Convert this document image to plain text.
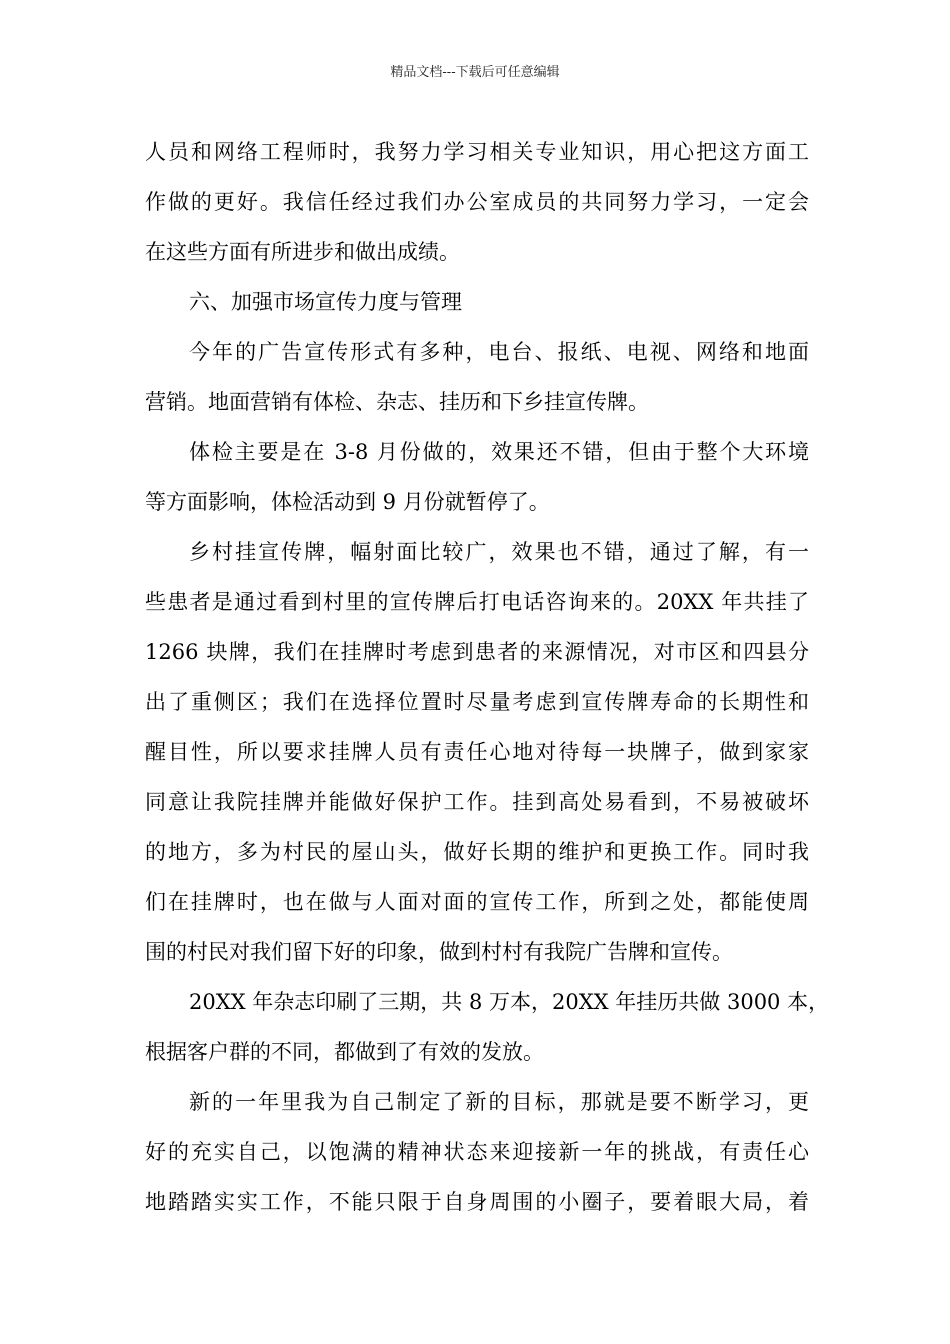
精品文档---下载后可任意编辑
人员和网络工程师时，我努力学习相关专业知识，用心把这方面工
作做的更好。我信任经过我们办公室成员的共同努力学习，一定会
在这些方面有所进步和做出成绩。
六、加强市场宣传力度与管理
今年的广告宣传形式有多种，电台、报纸、电视、网络和地面
营销。地面营销有体检、杂志、挂历和下乡挂宣传牌。
体检主要是在 3-8 月份做的，效果还不错，但由于整个大环境
等方面影响，体检活动到 9 月份就暂停了。
乡村挂宣传牌，幅射面比较广，效果也不错，通过了解，有一
些患者是通过看到村里的宣传牌后打电话咨询来的。20XX 年共挂了
1266 块牌，我们在挂牌时考虑到患者的来源情况，对市区和四县分
出了重侧区；我们在选择位置时尽量考虑到宣传牌寿命的长期性和
醒目性，所以要求挂牌人员有责任心地对待每一块牌子，做到家家
同意让我院挂牌并能做好保护工作。挂到高处易看到，不易被破坏
的地方，多为村民的屋山头，做好长期的维护和更换工作。同时我
们在挂牌时，也在做与人面对面的宣传工作，所到之处，都能使周
围的村民对我们留下好的印象，做到村村有我院广告牌和宣传。
20XX 年杂志印刷了三期，共 8 万本，20XX 年挂历共做 3000 本，
根据客户群的不同，都做到了有效的发放。
新的一年里我为自己制定了新的目标，那就是要不断学习，更
好的充实自己，以饱满的精神状态来迎接新一年的挑战，有责任心
地踏踏实实工作，不能只限于自身周围的小圈子，要着眼大局，着
